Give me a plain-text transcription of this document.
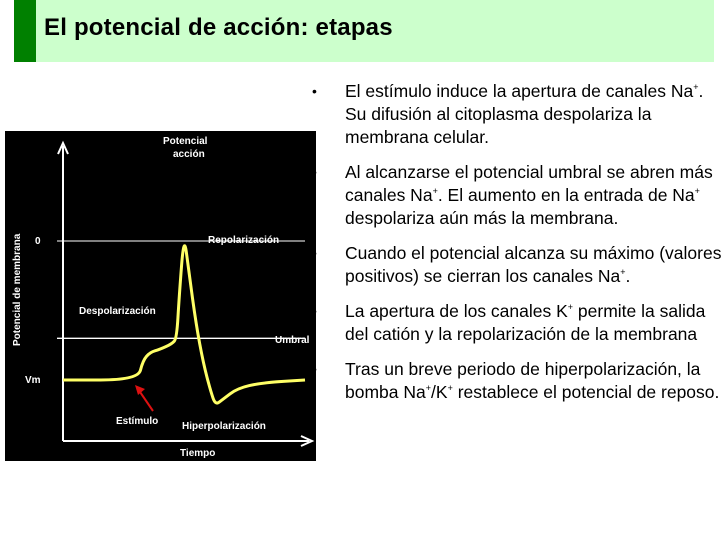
El potencial de acción: etapas
• El estímulo induce la apertura de canales Na+. Su difusión al citoplasma despolariza la membrana celular.
Al alcanzarse el potencial umbral se abren más canales Na+. El aumento en la entrada de Na+ despolariza aún más la membrana.
Cuando el potencial alcanza su máximo (valores positivos) se cierran los canales Na+.
La apertura de los canales K+ permite la salida del catión y la repolarización de la membrana
Tras un breve periodo de hiperpolarización, la bomba Na+/K+ restablece el potencial de reposo.
0
Vm
Umbral
Tiempo
Potencial de membrana
Potencial
acción
Repolarización
Despolarización
Estímulo Hiperpolarización
